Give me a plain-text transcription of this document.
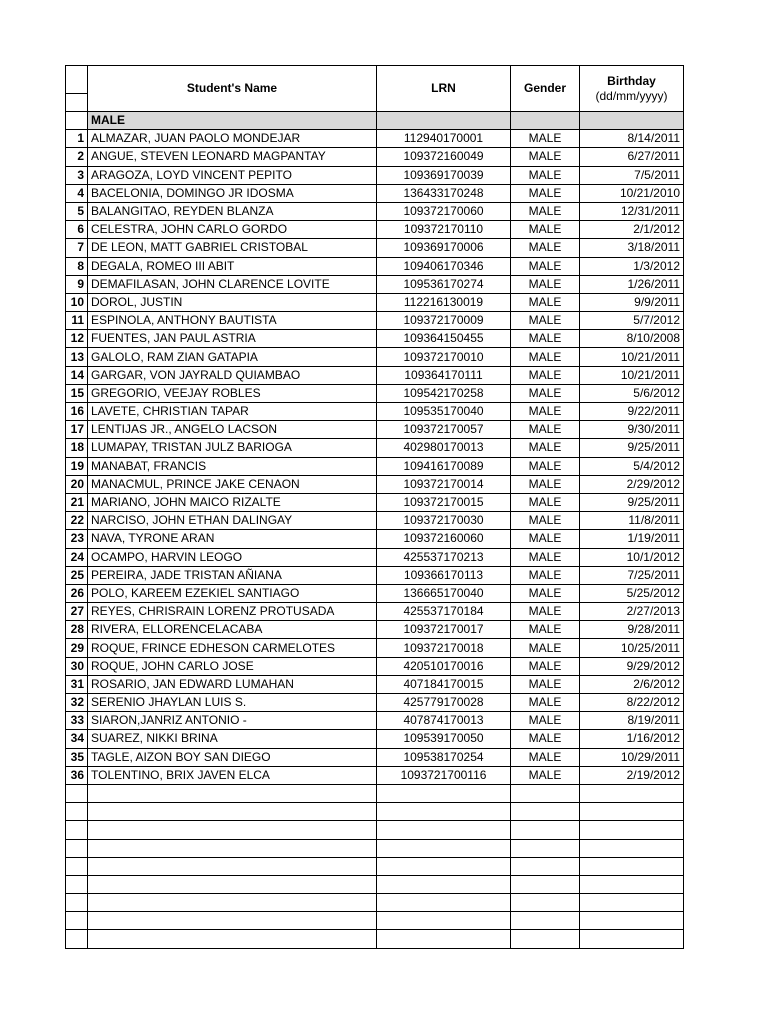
	Student's Name	LRN	Gender	Birthday
(dd/mm/yyyy)

	MALE			
1	ALMAZAR, JUAN PAOLO MONDEJAR	112940170001	MALE	8/14/2011
2	ANGUE, STEVEN LEONARD MAGPANTAY	109372160049	MALE	6/27/2011
3	ARAGOZA, LOYD VINCENT PEPITO	109369170039	MALE	7/5/2011
4	BACELONIA, DOMINGO JR IDOSMA	136433170248	MALE	10/21/2010
5	BALANGITAO, REYDEN BLANZA	109372170060	MALE	12/31/2011
6	CELESTRA, JOHN CARLO GORDO	109372170110	MALE	2/1/2012
7	DE LEON, MATT GABRIEL CRISTOBAL	109369170006	MALE	3/18/2011
8	DEGALA, ROMEO III ABIT	109406170346	MALE	1/3/2012
9	DEMAFILASAN, JOHN CLARENCE LOVITE	109536170274	MALE	1/26/2011
10	DOROL, JUSTIN	112216130019	MALE	9/9/2011
11	ESPINOLA, ANTHONY BAUTISTA	109372170009	MALE	5/7/2012
12	FUENTES, JAN PAUL ASTRIA	109364150455	MALE	8/10/2008
13	GALOLO, RAM ZIAN GATAPIA	109372170010	MALE	10/21/2011
14	GARGAR, VON JAYRALD QUIAMBAO	109364170111	MALE	10/21/2011
15	GREGORIO, VEEJAY ROBLES	109542170258	MALE	5/6/2012
16	LAVETE, CHRISTIAN TAPAR	109535170040	MALE	9/22/2011
17	LENTIJAS JR., ANGELO LACSON	109372170057	MALE	9/30/2011
18	LUMAPAY, TRISTAN JULZ BARIOGA	402980170013	MALE	9/25/2011
19	MANABAT, FRANCIS	109416170089	MALE	5/4/2012
20	MANACMUL, PRINCE JAKE CENAON	109372170014	MALE	2/29/2012
21	MARIANO, JOHN MAICO RIZALTE	109372170015	MALE	9/25/2011
22	NARCISO, JOHN ETHAN DALINGAY	109372170030	MALE	11/8/2011
23	NAVA, TYRONE ARAN	109372160060	MALE	1/19/2011
24	OCAMPO, HARVIN LEOGO	425537170213	MALE	10/1/2012
25	PEREIRA, JADE TRISTAN AÑIANA	109366170113	MALE	7/25/2011
26	POLO, KAREEM EZEKIEL SANTIAGO	136665170040	MALE	5/25/2012
27	REYES, CHRISRAIN LORENZ PROTUSADA	425537170184	MALE	2/27/2013
28	RIVERA, ELLORENCELACABA	109372170017	MALE	9/28/2011
29	ROQUE, FRINCE EDHESON CARMELOTES	109372170018	MALE	10/25/2011
30	ROQUE, JOHN CARLO JOSE	420510170016	MALE	9/29/2012
31	ROSARIO, JAN EDWARD LUMAHAN	407184170015	MALE	2/6/2012
32	SERENIO JHAYLAN LUIS S.	425779170028	MALE	8/22/2012
33	SIARON,JANRIZ ANTONIO -	407874170013	MALE	8/19/2011
34	SUAREZ, NIKKI BRINA	109539170050	MALE	1/16/2012
35	TAGLE, AIZON BOY SAN DIEGO	109538170254	MALE	10/29/2011
36	TOLENTINO, BRIX JAVEN ELCA	1093721700116	MALE	2/19/2012
